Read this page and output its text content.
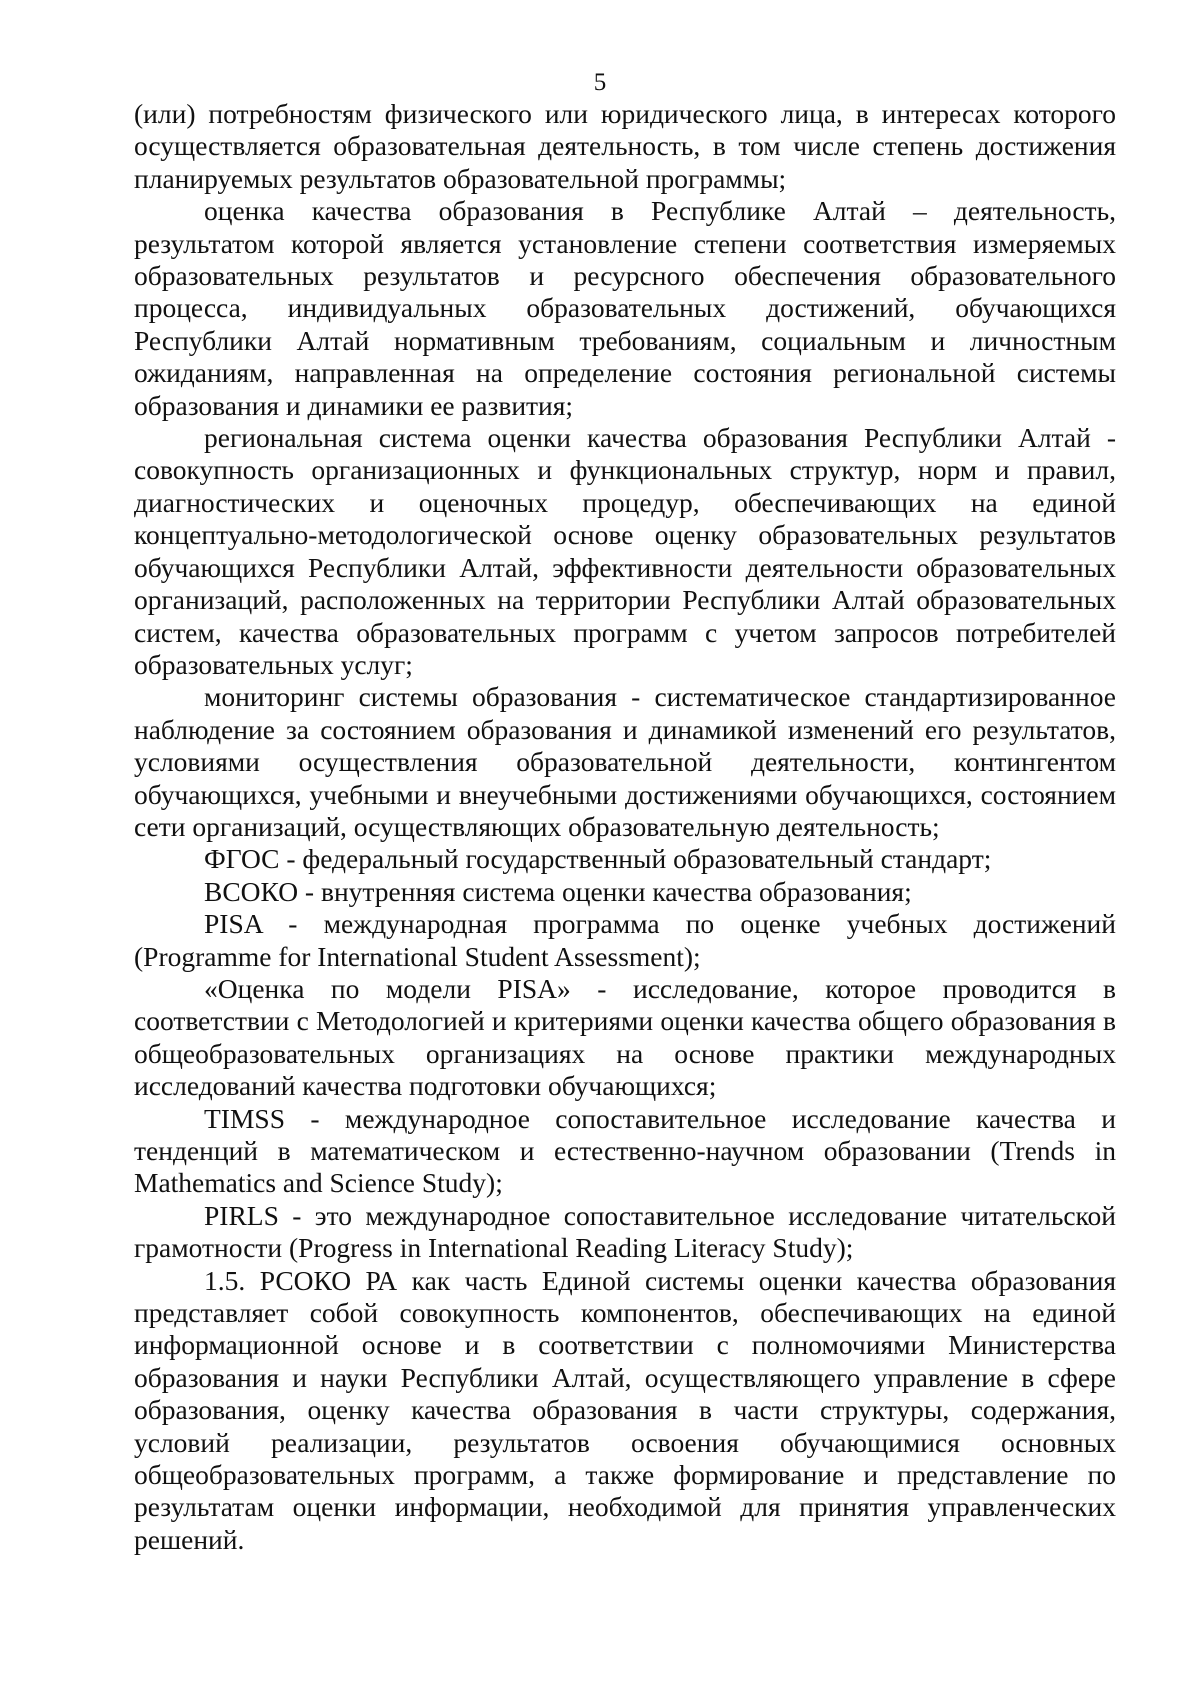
5

(или) потребностям физического или юридического лица, в интересах которого осуществляется образовательная деятельность, в том числе степень достижения планируемых результатов образовательной программы;

оценка качества образования в Республике Алтай – деятельность, результатом которой является установление степени соответствия измеряемых образовательных результатов и ресурсного обеспечения образовательного процесса, индивидуальных образовательных достижений, обучающихся Республики Алтай нормативным требованиям, социальным и личностным ожиданиям, направленная на определение состояния региональной системы образования и динамики ее развития;

региональная система оценки качества образования Республики Алтай - совокупность организационных и функциональных структур, норм и правил, диагностических и оценочных процедур, обеспечивающих на единой концептуально-методологической основе оценку образовательных результатов обучающихся Республики Алтай, эффективности деятельности образовательных организаций, расположенных на территории Республики Алтай образовательных систем, качества образовательных программ с учетом запросов потребителей образовательных услуг;

мониторинг системы образования - систематическое стандартизированное наблюдение за состоянием образования и динамикой изменений его результатов, условиями осуществления образовательной деятельности, контингентом обучающихся, учебными и внеучебными достижениями обучающихся, состоянием сети организаций, осуществляющих образовательную деятельность;

ФГОС - федеральный государственный образовательный стандарт;

ВСОКО - внутренняя система оценки качества образования;

PISA - международная программа по оценке учебных достижений (Programme for International Student Assessment);

«Оценка по модели PISA» - исследование, которое проводится в соответствии с Методологией и критериями оценки качества общего образования в общеобразовательных организациях на основе практики международных исследований качества подготовки обучающихся;

TIMSS - международное сопоставительное исследование качества и тенденций в математическом и естественно-научном образовании (Trends in Mathematics and Science Study);

PIRLS - это международное сопоставительное исследование читательской грамотности (Progress in International Reading Literacy Study);

1.5. РСОКО РА как часть Единой системы оценки качества образования представляет собой совокупность компонентов, обеспечивающих на единой информационной основе и в соответствии с полномочиями Министерства образования и науки Республики Алтай, осуществляющего управление в сфере образования, оценку качества образования в части структуры, содержания, условий реализации, результатов освоения обучающимися основных общеобразовательных программ, а также формирование и представление по результатам оценки информации, необходимой для принятия управленческих решений.
